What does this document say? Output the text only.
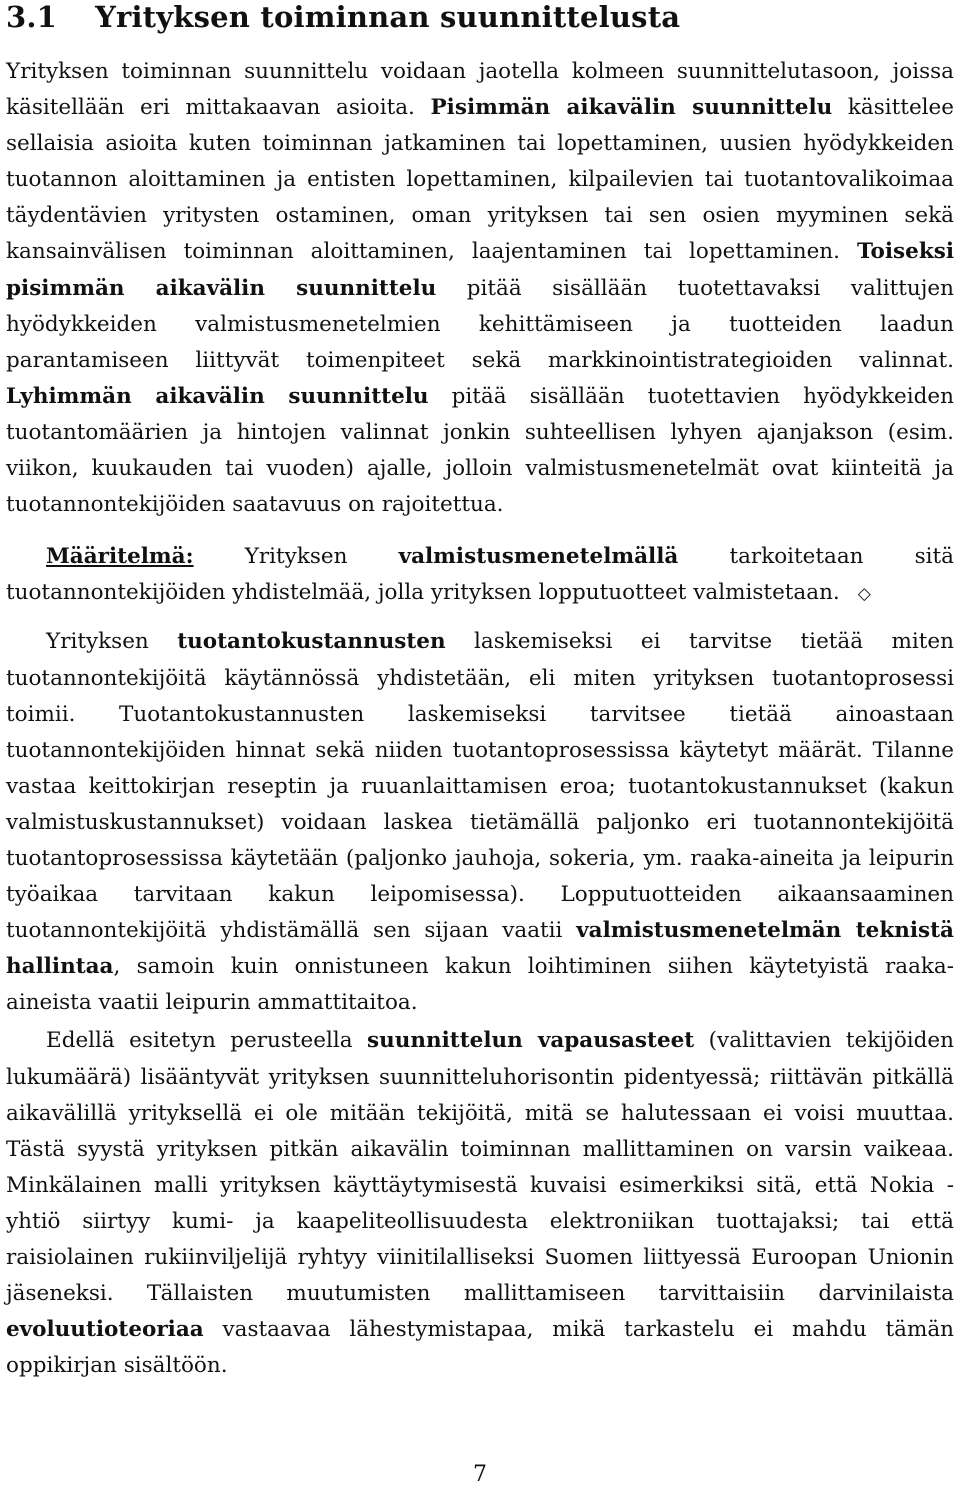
3.1 Yrityksen toiminnan suunnittelusta

Yrityksen toiminnan suunnittelu voidaan jaotella kolmeen suunnittelutasoon, joissa käsitellään eri mittakaavan asioita. Pisimmän aikavälin suunnittelu käsittelee sellaisia asioita kuten toiminnan jatkaminen tai lopettaminen, uusien hyödykkeiden tuotannon aloittaminen ja entisten lopettaminen, kilpailevien tai tuotantovalikoimaa täydentävien yritysten ostaminen, oman yrityksen tai sen osien myyminen sekä kansainvälisen toiminnan aloittaminen, laajentaminen tai lopettaminen. Toiseksi pisimmän aikavälin suunnittelu pitää sisällään tuotettavaksi valittujen hyödykkeiden valmistusmenetelmien kehittämiseen ja tuotteiden laadun parantamiseen liittyvät toimenpiteet sekä markkinointistrategioiden valinnat. Lyhimmän aikavälin suunnittelu pitää sisällään tuotettavien hyödykkeiden tuotantomäärien ja hintojen valinnat jonkin suhteellisen lyhyen ajanjakson (esim. viikon, kuukauden tai vuoden) ajalle, jolloin valmistusmenetelmät ovat kiinteitä ja tuotannontekijöiden saatavuus on rajoitettua.

Määritelmä: Yrityksen valmistusmenetelmällä tarkoitetaan sitä tuotannontekijöiden yhdistelmää, jolla yrityksen lopputuotteet valmistetaan. ◇

Yrityksen tuotantokustannusten laskemiseksi ei tarvitse tietää miten tuotannontekijöitä käytännössä yhdistetään, eli miten yrityksen tuotantoprosessi toimii. Tuotantokustannusten laskemiseksi tarvitsee tietää ainoastaan tuotannontekijöiden hinnat sekä niiden tuotantoprosessissa käytetyt määrät. Tilanne vastaa keittokirjan reseptin ja ruuanlaittamisen eroa; tuotantokustannukset (kakun valmistuskustannukset) voidaan laskea tietämällä paljonko eri tuotannontekijöitä tuotantoprosessissa käytetään (paljonko jauhoja, sokeria, ym. raaka-aineita ja leipurin työaikaa tarvitaan kakun leipomisessa). Lopputuotteiden aikaansaaminen tuotannontekijöitä yhdistämällä sen sijaan vaatii valmistusmenetelmän teknistä hallintaa, samoin kuin onnistuneen kakun loihtiminen siihen käytetyistä raaka-aineista vaatii leipurin ammattitaitoa.

Edellä esitetyn perusteella suunnittelun vapausasteet (valittavien tekijöiden lukumäärä) lisääntyvät yrityksen suunnitteluhorisontin pidentyessä; riittävän pitkällä aikavälillä yrityksellä ei ole mitään tekijöitä, mitä se halutessaan ei voisi muuttaa. Tästä syystä yrityksen pitkän aikavälin toiminnan mallittaminen on varsin vaikeaa. Minkälainen malli yrityksen käyttäytymisestä kuvaisi esimerkiksi sitä, että Nokia -yhtiö siirtyy kumi- ja kaapeliteollisuudesta elektroniikan tuottajaksi; tai että raisiolainen rukiinviljelijä ryhtyy viinitilalliseksi Suomen liittyessä Euroopan Unionin jäseneksi. Tällaisten muutumisten mallittamiseen tarvittaisiin darvinilaista evoluutioteoriaa vastaavaa lähestymistapaa, mikä tarkastelu ei mahdu tämän oppikirjan sisältöön.

7
